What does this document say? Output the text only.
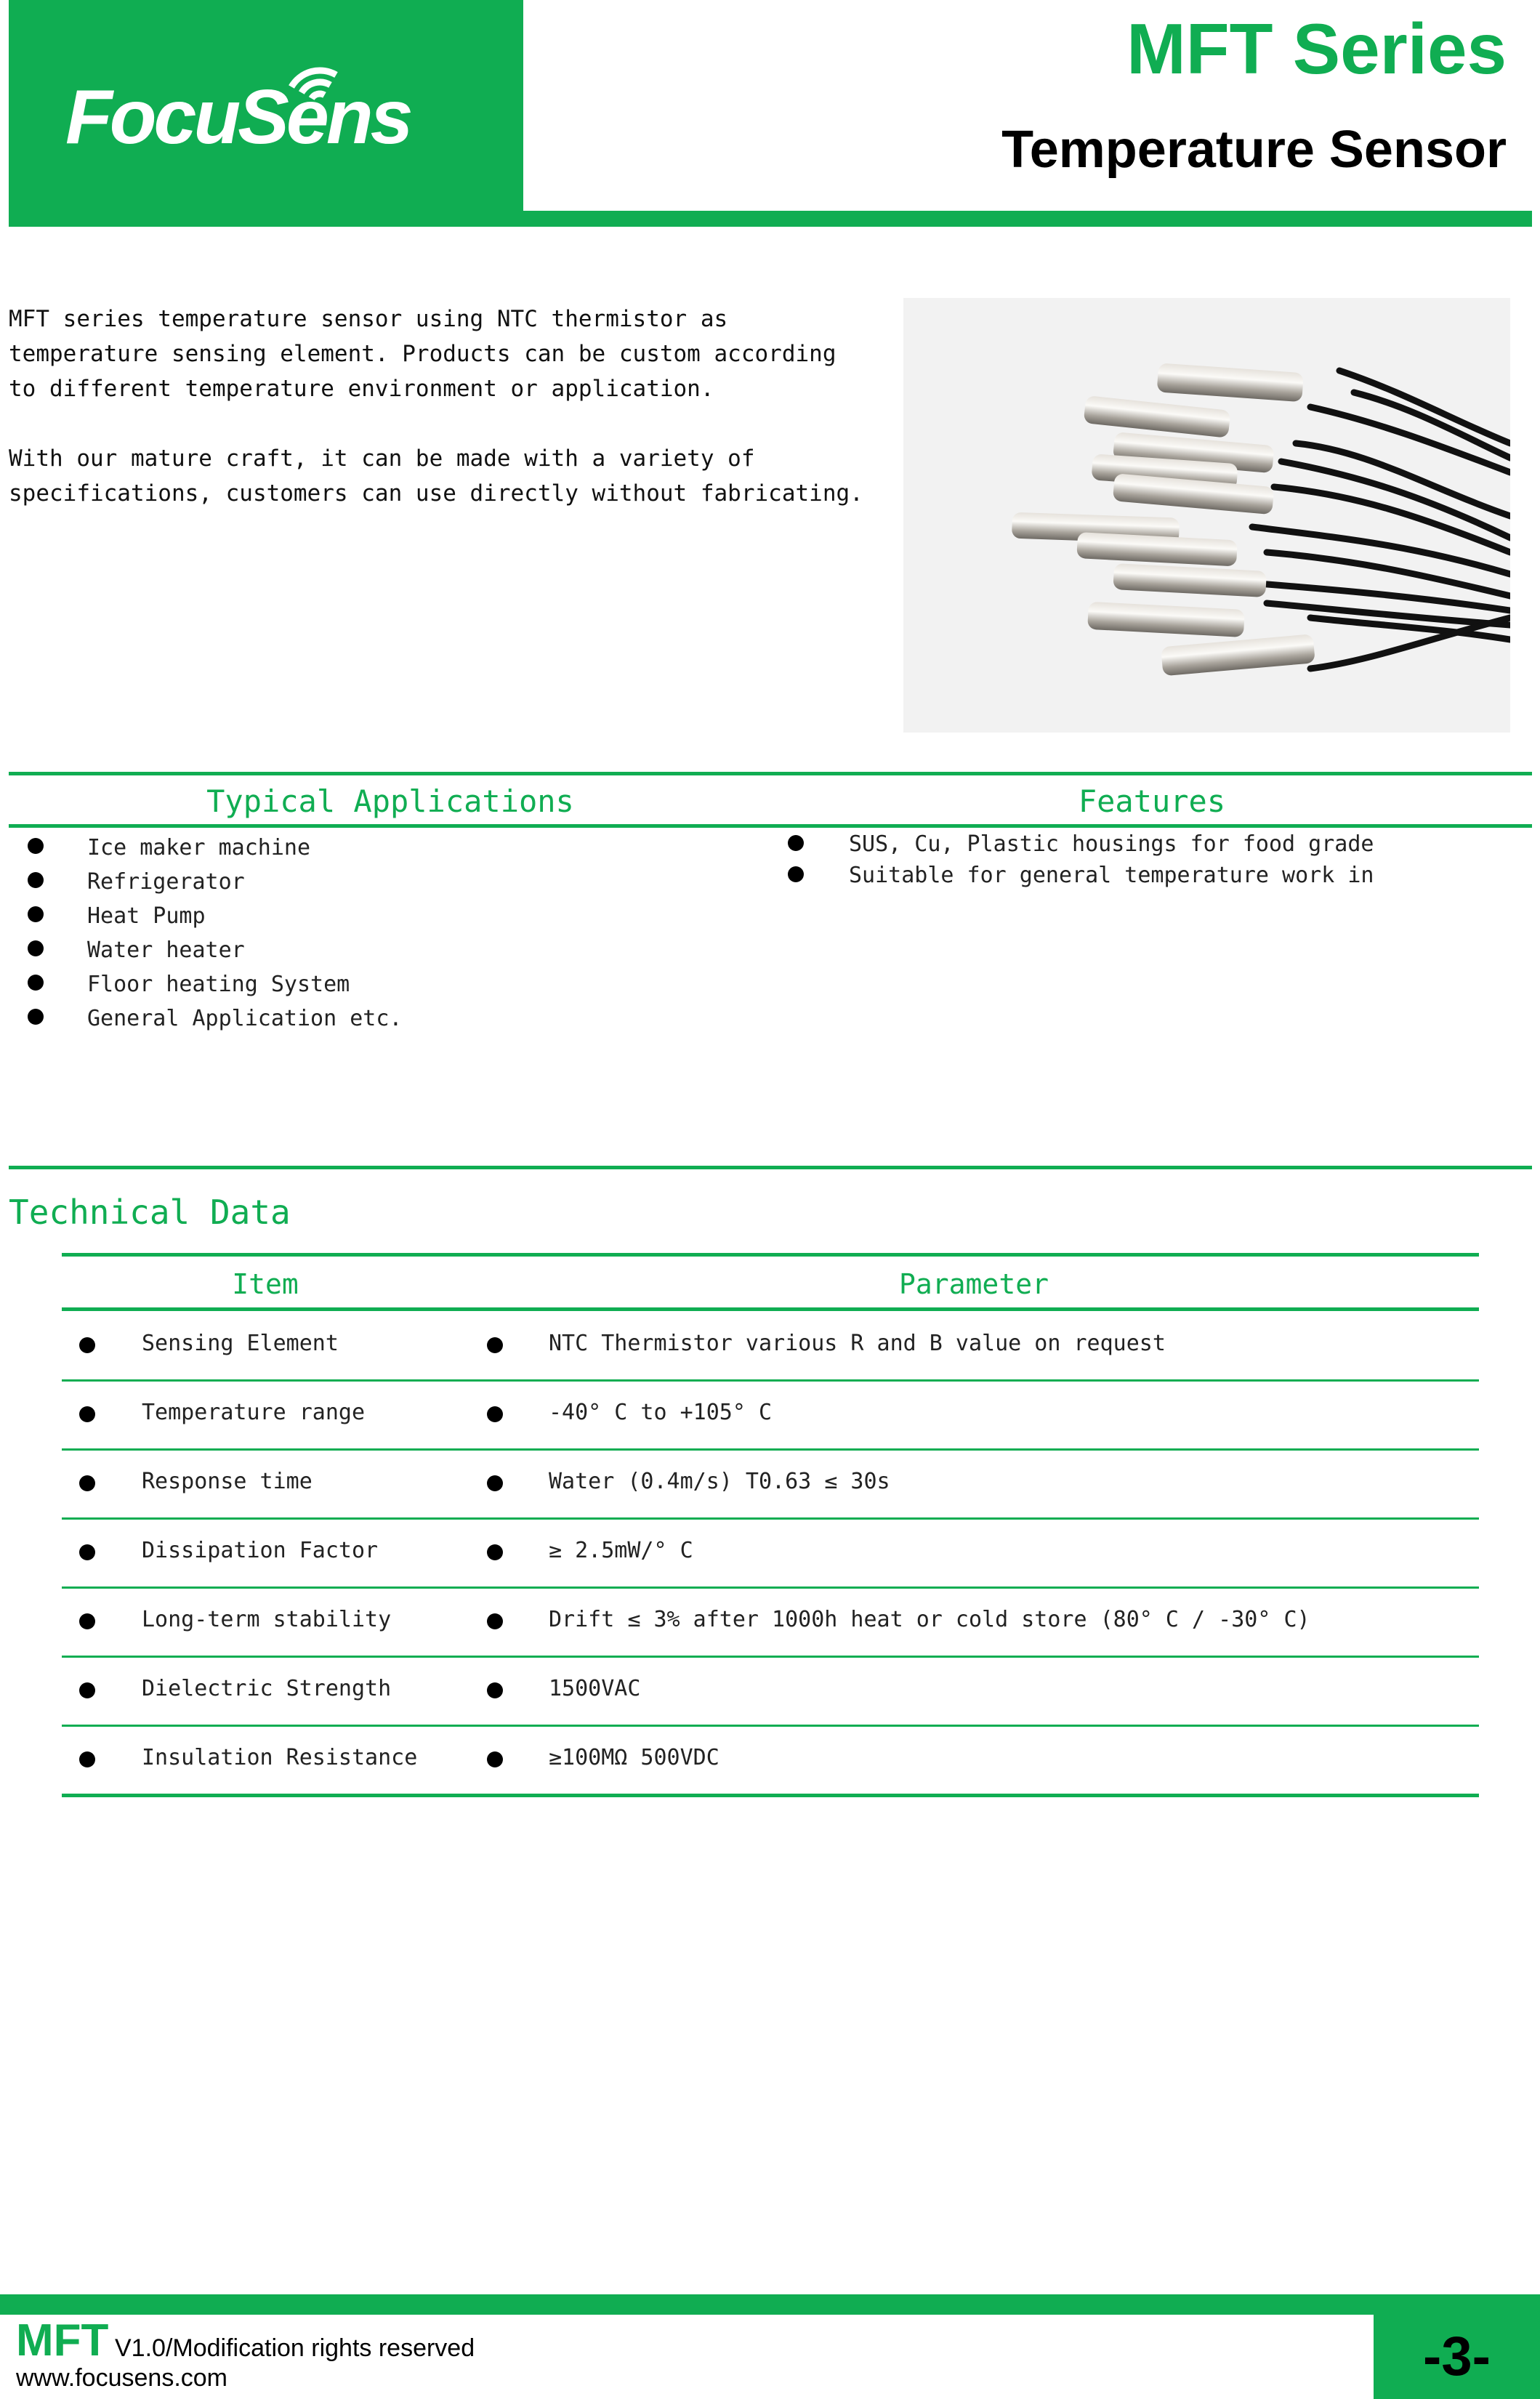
FocuSens
MFT Series
Temperature Sensor

MFT series temperature sensor using NTC thermistor as
temperature sensing element. Products can be custom according
to different temperature environment or application.

With our mature craft, it can be made with a variety of
specifications, customers can use directly without fabricating.

Typical Applications	Features
Ice maker machine
Refrigerator
Heat Pump
Water heater
Floor heating System
General Application etc.
SUS, Cu, Plastic housings for food grade
Suitable for general temperature work in
Technical Data
Item	Parameter
Sensing Element	NTC Thermistor various R and B value on request
Temperature range	-40° C to +105° C
Response time	Water (0.4m/s) T0.63 ≤ 30s
Dissipation Factor	≥ 2.5mW/° C
Long-term stability	Drift ≤ 3% after 1000h heat or cold store (80° C / -30° C)
Dielectric Strength	1500VAC
Insulation Resistance	≥100MΩ 500VDC
-3-
MFT V1.0/Modification rights reserved
www.focusens.com
